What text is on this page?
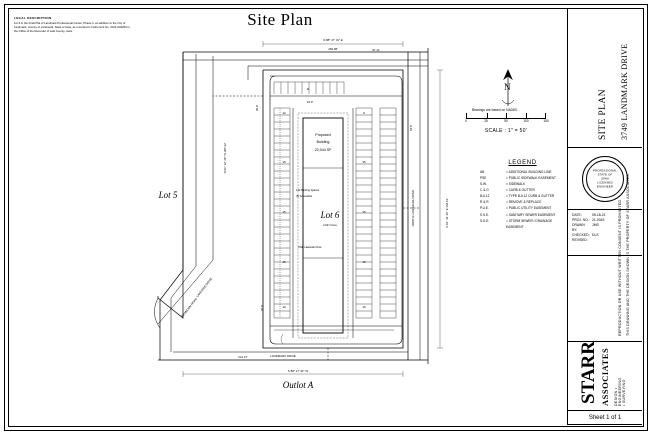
Site Plan
LEGAL DESCRIPTION
Lot 6 in the Final Plat of Landmark Professional Center, Phase 4, an addition to the City of Landmark, County of Landmark, State of Iowa, as recorded in Instrument No. 2021-004253 in the Office of the Recorder of said County, Iowa.
Lot 5
Lot 6
2.947 Acres
Outlot A
Proposed
Building
22,044 SF
140 Parking Spaces
(5) Accessible
ONE Lakeside Drive
N 88° 27' 31" E
269.98'	97.11'
S 88° 27' 31" W
221.47'
S 01° 32' 29" E 468.19'
N 01° 32' 29" W 305.22'
30.0'
24.0'
18.0'
20.0'
LAKESIDE DRIVE
BRANDON ROAD
NORTH LANDMARK DRIVE
LANDMARK DRIVE
12
15
15
15
10
9
15
15
15
10
11	N
Bearings are based on NAD83.
0	25	50	100	150
SCALE : 1" = 50'
LEGEND
AB	= ADDITIONAL BUILDING LINE
PSE	= PUBLIC SIDEWALK EASEMENT
S.W.	= SIDEWALK
C & G	= CURB & GUTTER
B-6.12	= TYPE B-6.12 CURB & GUTTER
R & R	= REMOVE & REPLACE
P.U.E.	= PUBLIC UTILITY EASEMENT
S.S.E.	= SANITARY SEWER EASEMENT
S.D.E.	= STORM SEWER / DRAINAGE EASEMENT
SITE PLAN 3749 LANDMARK DRIVE
PROFESSIONAL
STATE OF
IOWA
LICENSED
ENGINEER
DATE:	05-18-21
PROJ. NO.: 21-0043
DRAWN BY:
JMS
CHECKED: DLS
REVISED:	THIS DRAWING AND THE DESIGN SHOWN IS THE PROPERTY OF STARR ASSOCIATES.
REPRODUCTION OR USE WITHOUT WRITTEN CONSENT IS PROHIBITED.
STARR ASSOCIATES DESIGN • ENGINEERING • SURVEYING
Sheet 1 of 1
